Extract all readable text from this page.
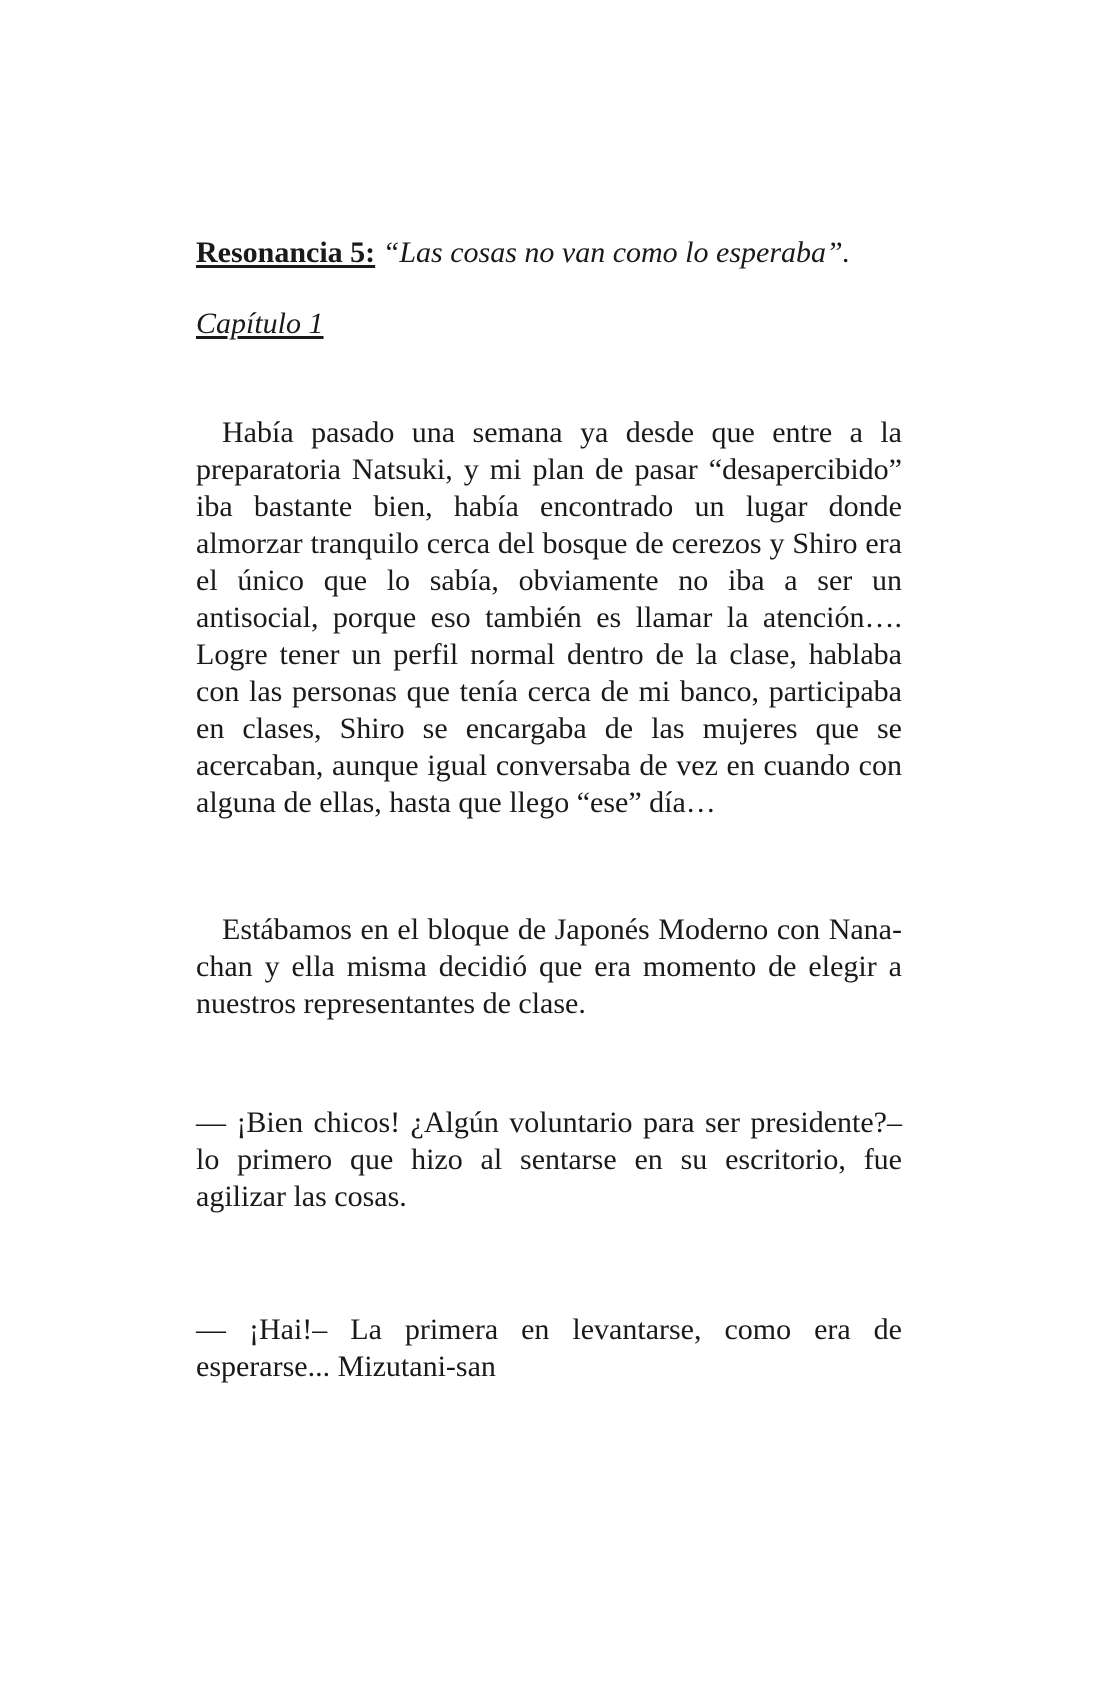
Resonancia 5: “Las cosas no van como lo esperaba”.

Capítulo 1

Había pasado una semana ya desde que entre a la preparatoria Natsuki, y mi plan de pasar “desapercibido” iba bastante bien, había encontrado un lugar donde almorzar tranquilo cerca del bosque de cerezos y Shiro era el único que lo sabía, obviamente no iba a ser un antisocial, porque eso también es llamar la atención…. Logre tener un perfil normal dentro de la clase, hablaba con las personas que tenía cerca de mi banco, participaba en clases, Shiro se encargaba de las mujeres que se acercaban, aunque igual conversaba de vez en cuando con alguna de ellas, hasta que llego “ese” día…

Estábamos en el bloque de Japonés Moderno con Nana-chan y ella misma decidió que era momento de elegir a nuestros representantes de clase.

— ¡Bien chicos! ¿Algún voluntario para ser presidente?– lo primero que hizo al sentarse en su escritorio, fue agilizar las cosas.

— ¡Hai!– La primera en levantarse, como era de esperarse... Mizutani-san
